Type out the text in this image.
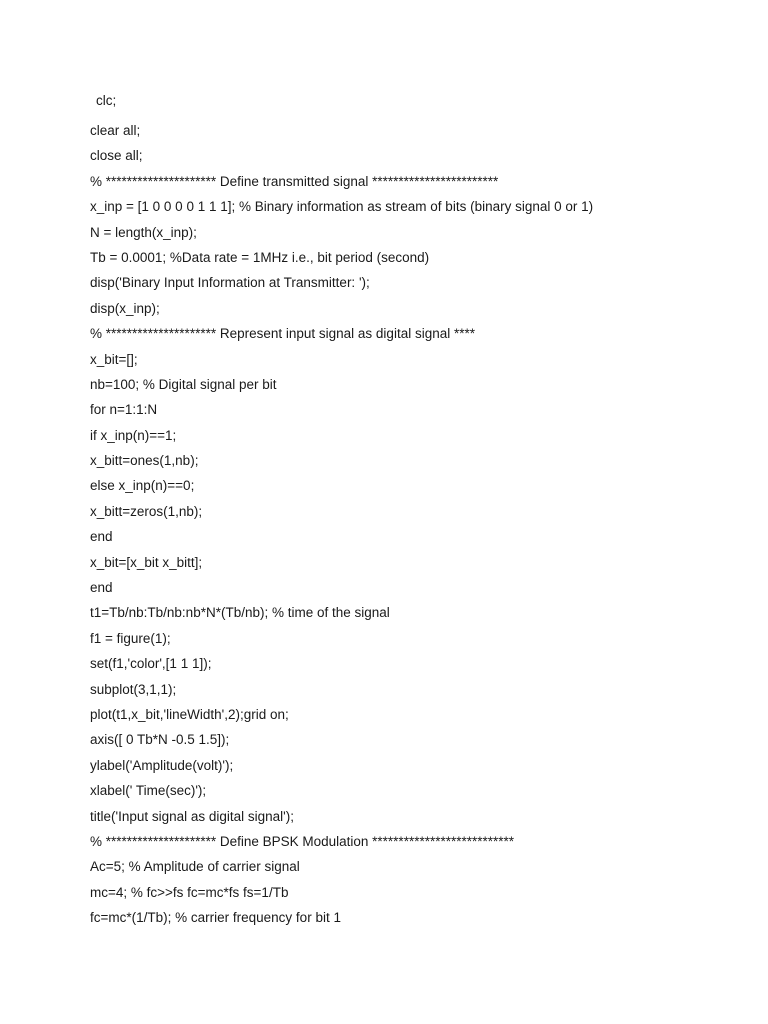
clc;
clear all;
close all;
% ********************* Define transmitted signal ************************
x_inp = [1 0 0 0 0 1 1 1]; % Binary information as stream of bits (binary signal 0 or 1)
N = length(x_inp);
Tb = 0.0001; %Data rate = 1MHz i.e., bit period (second)
disp('Binary Input Information at Transmitter: ');
disp(x_inp);
% ********************* Represent input signal as digital signal ****
x_bit=[];
nb=100; % Digital signal per bit
for n=1:1:N
if x_inp(n)==1;
x_bitt=ones(1,nb);
else x_inp(n)==0;
x_bitt=zeros(1,nb);
end
x_bit=[x_bit x_bitt];
end
t1=Tb/nb:Tb/nb:nb*N*(Tb/nb); % time of the signal
f1 = figure(1);
set(f1,'color',[1 1 1]);
subplot(3,1,1);
plot(t1,x_bit,'lineWidth',2);grid on;
axis([ 0 Tb*N -0.5 1.5]);
ylabel('Amplitude(volt)');
xlabel(' Time(sec)');
title('Input signal as digital signal');
% ********************* Define BPSK Modulation ***************************
Ac=5; % Amplitude of carrier signal
mc=4; % fc>>fs fc=mc*fs fs=1/Tb
fc=mc*(1/Tb); % carrier frequency for bit 1
